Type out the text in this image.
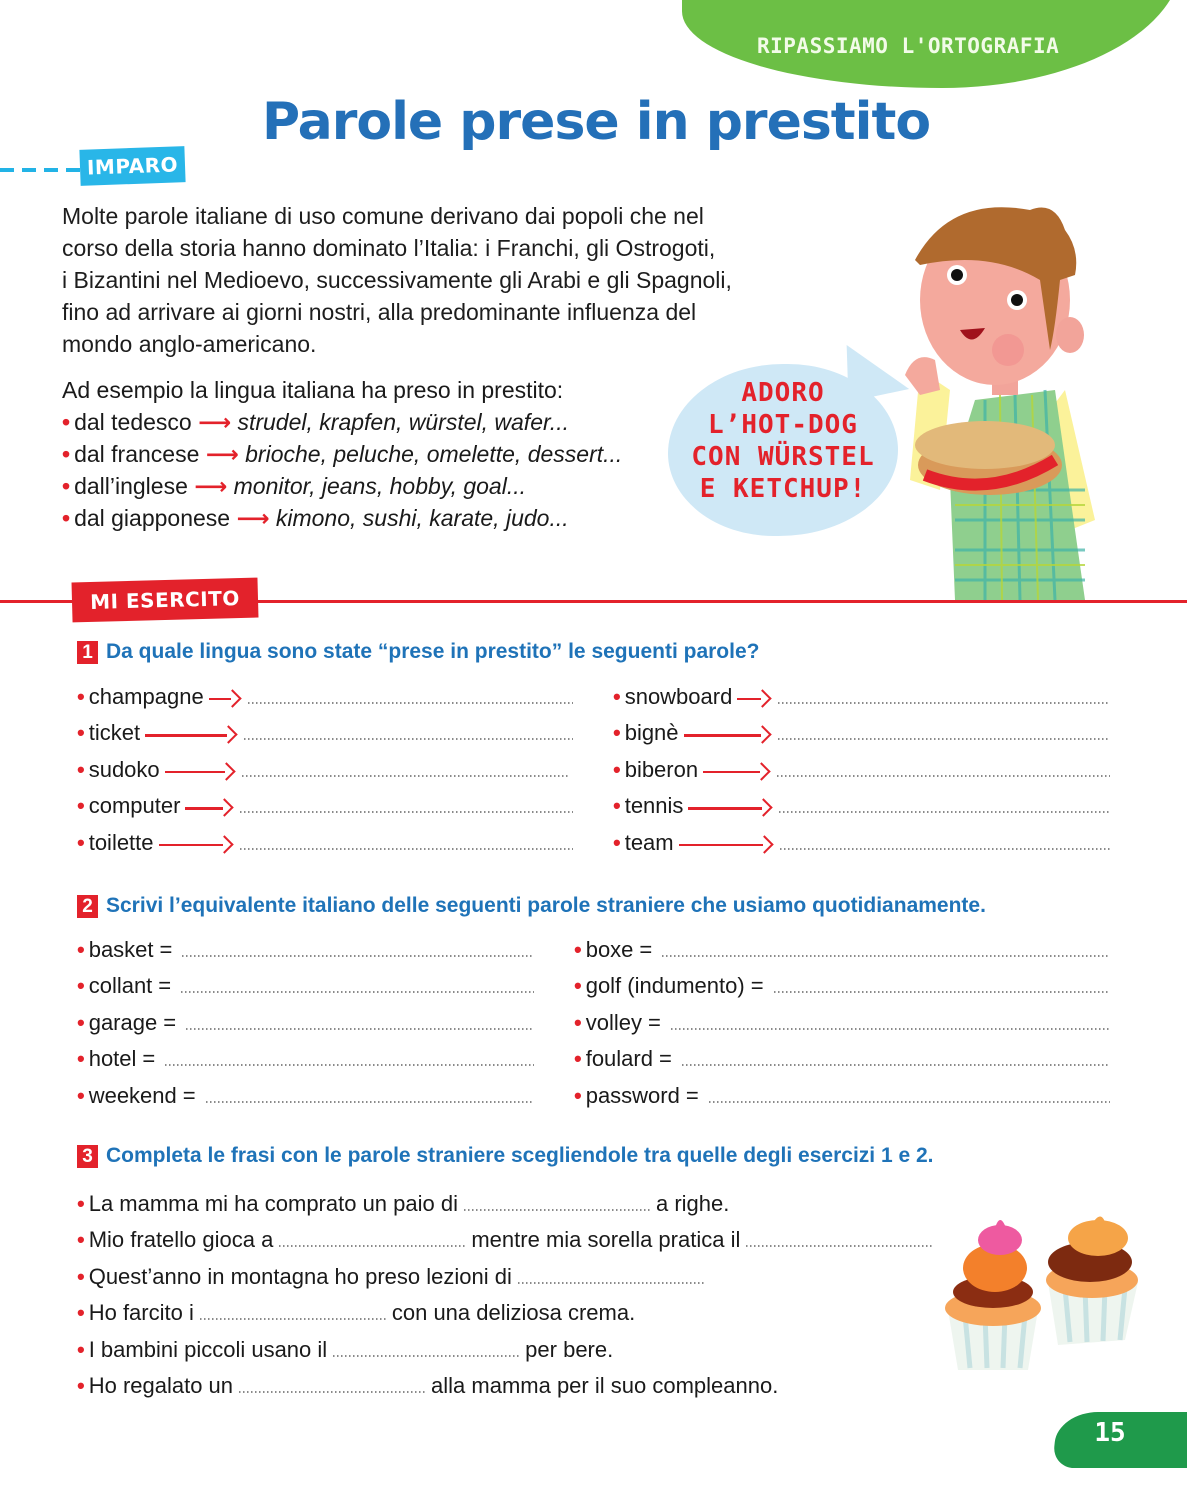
RIPASSIAMO L'ORTOGRAFIA
Parole prese in prestito
IMPARO

Molte parole italiane di uso comune derivano dai popoli che nel

corso della storia hanno dominato l’Italia: i Franchi, gli Ostrogoti,

i Bizantini nel Medioevo, successivamente gli Arabi e gli Spagnoli,

fino ad arrivare ai giorni nostri, alla predominante influenza del

mondo anglo-americano.

Ad esempio la lingua italiana ha preso in prestito:
• dal tedesco ⟶ strudel, krapfen, würstel, wafer...
• dal francese ⟶ brioche, peluche, omelette, dessert...
• dall’inglese ⟶ monitor, jeans, hobby, goal...
• dal giapponese ⟶ kimono, sushi, karate, judo...
ADORO
L’HOT-DOG
CON WÜRSTEL
E KETCHUP!
MI ESERCITO
1 Da quale lingua sono state “prese in prestito” le seguenti parole?
• champagne
• ticket
• sudoko
• computer
• toilette
• snowboard
• bignè
• biberon
• tennis
• team
2 Scrivi l’equivalente italiano delle seguenti parole straniere che usiamo quotidianamente.
• basket =
• collant =
• garage =
• hotel =
• weekend =
• boxe =
• golf (indumento) =
• volley =
• foulard =
• password =
3 Completa le frasi con le parole straniere scegliendole tra quelle degli esercizi 1 e 2.
• La mamma mi ha comprato un paio di	a righe.
• Mio fratello gioca a	mentre mia sorella pratica il
• Quest’anno in montagna ho preso lezioni di
• Ho farcito i	con una deliziosa crema.
• I bambini piccoli usano il	per bere.
• Ho regalato un	alla mamma per il suo compleanno.
15
